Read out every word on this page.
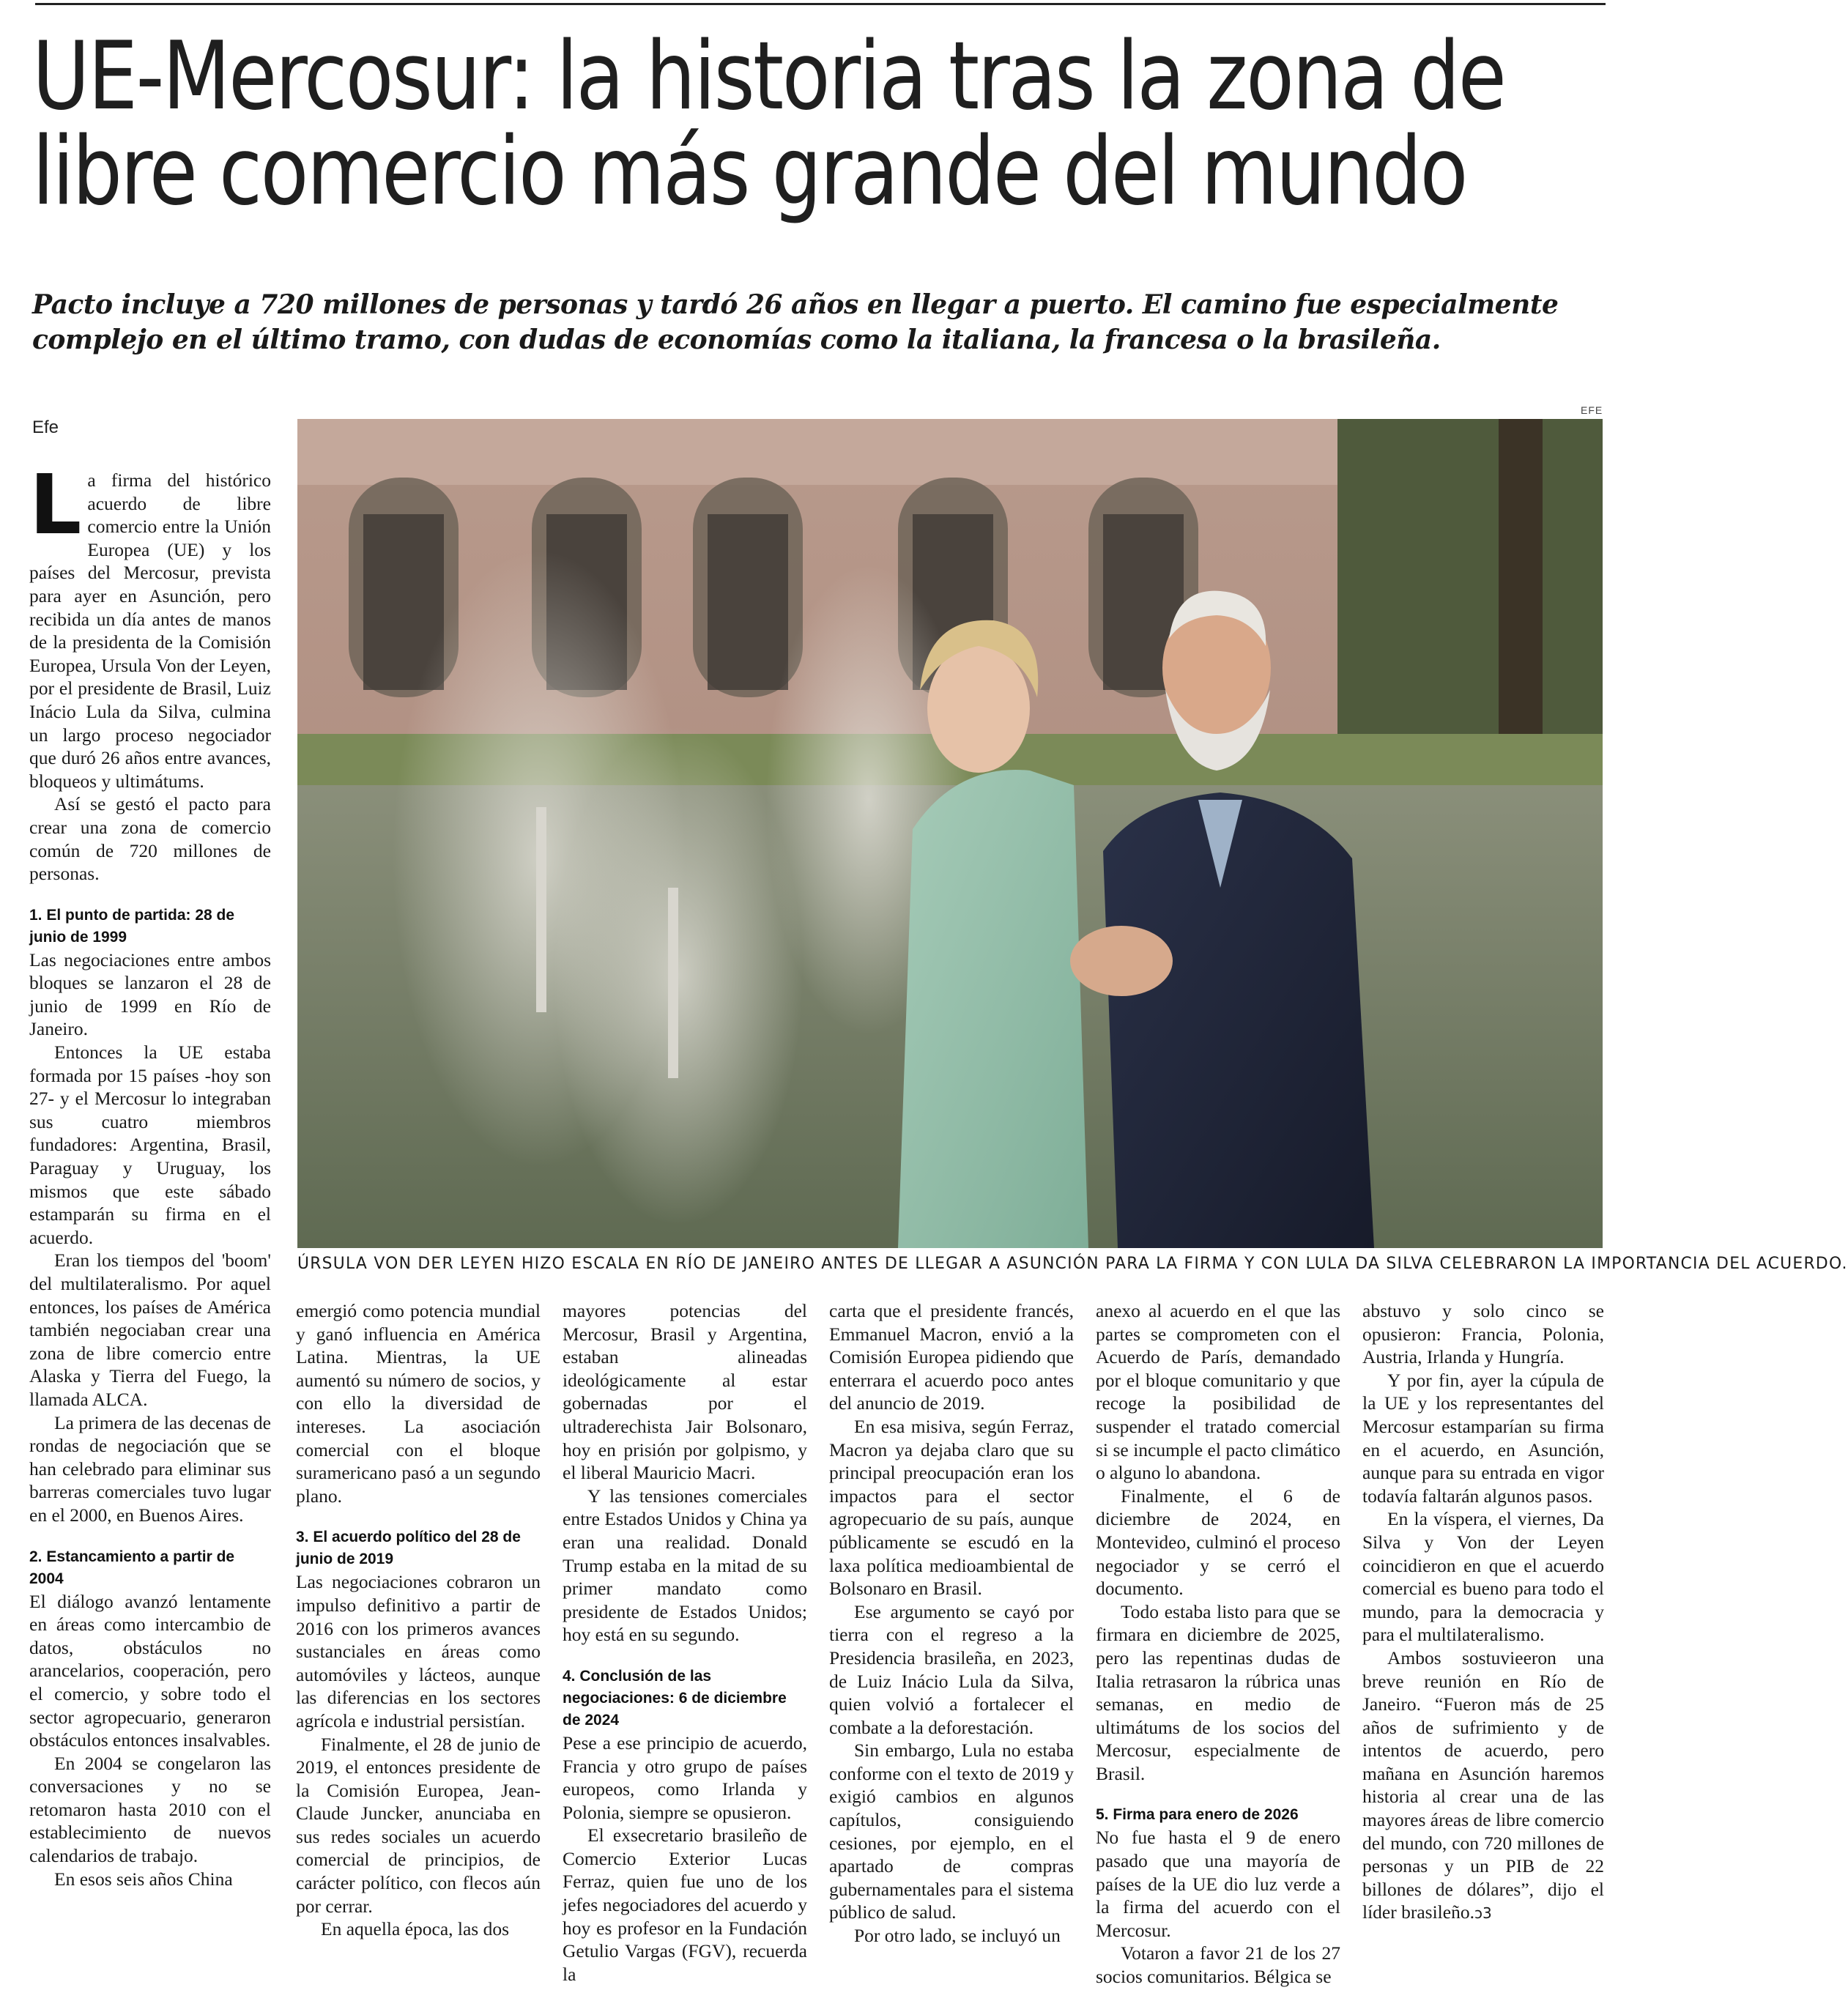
UE-Mercosur: la historia tras la zona de
libre comercio más grande del mundo

Pacto incluye a 720 millones de personas y tardó 26 años en llegar a puerto. El camino fue especialmente complejo en el último tramo, con dudas de economías como la italiana, la francesa o la brasileña.

Efe
EFE
ÚRSULA VON DER LEYEN HIZO ESCALA EN RÍO DE JANEIRO ANTES DE LLEGAR A ASUNCIÓN PARA LA FIRMA Y CON LULA DA SILVA CELEBRARON LA IMPORTANCIA DEL ACUERDO.

La firma del histórico acuerdo de libre comercio entre la Unión Europea (UE) y los países del Mercosur, prevista para ayer en Asunción, pero recibida un día antes de manos de la presidenta de la Comisión Europea, Ursula Von der Leyen, por el presidente de Brasil, Luiz Inácio Lula da Silva, culmina un largo proceso negociador que duró 26 años entre avances, bloqueos y ultimátums.

Así se gestó el pacto para crear una zona de comercio común de 720 millones de personas.

1. El punto de partida: 28 de junio de 1999

Las negociaciones entre ambos bloques se lanzaron el 28 de junio de 1999 en Río de Janeiro.

Entonces la UE estaba formada por 15 países -hoy son 27- y el Mercosur lo integraban sus cuatro miembros fundadores: Argentina, Brasil, Paraguay y Uruguay, los mismos que este sábado estamparán su firma en el acuerdo.

Eran los tiempos del 'boom' del multilateralismo. Por aquel entonces, los países de América también negociaban crear una zona de libre comercio entre Alaska y Tierra del Fuego, la llamada ALCA.

La primera de las decenas de rondas de negociación que se han celebrado para eliminar sus barreras comerciales tuvo lugar en el 2000, en Buenos Aires.

2. Estancamiento a partir de 2004

El diálogo avanzó lentamente en áreas como intercambio de datos, obstáculos no arancelarios, cooperación, pero el comercio, y sobre todo el sector agropecuario, generaron obstáculos entonces insalvables.

En 2004 se congelaron las conversaciones y no se retomaron hasta 2010 con el establecimiento de nuevos calendarios de trabajo.

En esos seis años China

emergió como potencia mundial y ganó influencia en América Latina. Mientras, la UE aumentó su número de socios, y con ello la diversidad de intereses. La asociación comercial con el bloque suramericano pasó a un segundo plano.

3. El acuerdo político del 28 de junio de 2019

Las negociaciones cobraron un impulso definitivo a partir de 2016 con los primeros avances sustanciales en áreas como automóviles y lácteos, aunque las diferencias en los sectores agrícola e industrial persistían.

Finalmente, el 28 de junio de 2019, el entonces presidente de la Comisión Europea, Jean-Claude Juncker, anunciaba en sus redes sociales un acuerdo comercial de principios, de carácter político, con flecos aún por cerrar.

En aquella época, las dos

mayores potencias del Mercosur, Brasil y Argentina, estaban alineadas ideológicamente al estar gobernadas por el ultraderechista Jair Bolsonaro, hoy en prisión por golpismo, y el liberal Mauricio Macri.

Y las tensiones comerciales entre Estados Unidos y China ya eran una realidad. Donald Trump estaba en la mitad de su primer mandato como presidente de Estados Unidos; hoy está en su segundo.

4. Conclusión de las negociaciones: 6 de diciembre de 2024

Pese a ese principio de acuerdo, Francia y otro grupo de países europeos, como Irlanda y Polonia, siempre se opusieron.

El exsecretario brasileño de Comercio Exterior Lucas Ferraz, quien fue uno de los jefes negociadores del acuerdo y hoy es profesor en la Fundación Getulio Vargas (FGV), recuerda la

carta que el presidente francés, Emmanuel Macron, envió a la Comisión Europea pidiendo que enterrara el acuerdo poco antes del anuncio de 2019.

En esa misiva, según Ferraz, Macron ya dejaba claro que su principal preocupación eran los impactos para el sector agropecuario de su país, aunque públicamente se escudó en la laxa política medioambiental de Bolsonaro en Brasil.

Ese argumento se cayó por tierra con el regreso a la Presidencia brasileña, en 2023, de Luiz Inácio Lula da Silva, quien volvió a fortalecer el combate a la deforestación.

Sin embargo, Lula no estaba conforme con el texto de 2019 y exigió cambios en algunos capítulos, consiguiendo cesiones, por ejemplo, en el apartado de compras gubernamentales para el sistema público de salud.

Por otro lado, se incluyó un

anexo al acuerdo en el que las partes se comprometen con el Acuerdo de París, demandado por el bloque comunitario y que recoge la posibilidad de suspender el tratado comercial si se incumple el pacto climático o alguno lo abandona.

Finalmente, el 6 de diciembre de 2024, en Montevideo, culminó el proceso negociador y se cerró el documento.

Todo estaba listo para que se firmara en diciembre de 2025, pero las repentinas dudas de Italia retrasaron la rúbrica unas semanas, en medio de ultimátums de los socios del Mercosur, especialmente de Brasil.

5. Firma para enero de 2026

No fue hasta el 9 de enero pasado que una mayoría de países de la UE dio luz verde a la firma del acuerdo con el Mercosur.

Votaron a favor 21 de los 27 socios comunitarios. Bélgica se

abstuvo y solo cinco se opusieron: Francia, Polonia, Austria, Irlanda y Hungría.

Y por fin, ayer la cúpula de la UE y los representantes del Mercosur estamparían su firma en el acuerdo, en Asunción, aunque para su entrada en vigor todavía faltarán algunos pasos.

En la víspera, el viernes, Da Silva y Von der Leyen coincidieron en que el acuerdo comercial es bueno para todo el mundo, para la democracia y para el multilateralismo.

Ambos sostuvieeron una breve reunión en Río de Janeiro. “Fueron más de 25 años de sufrimiento y de intentos de acuerdo, pero mañana en Asunción haremos historia al crear una de las mayores áreas de libre comercio del mundo, con 720 millones de personas y un PIB de 22 billones de dólares”, dijo el líder brasileño.ↄ3
